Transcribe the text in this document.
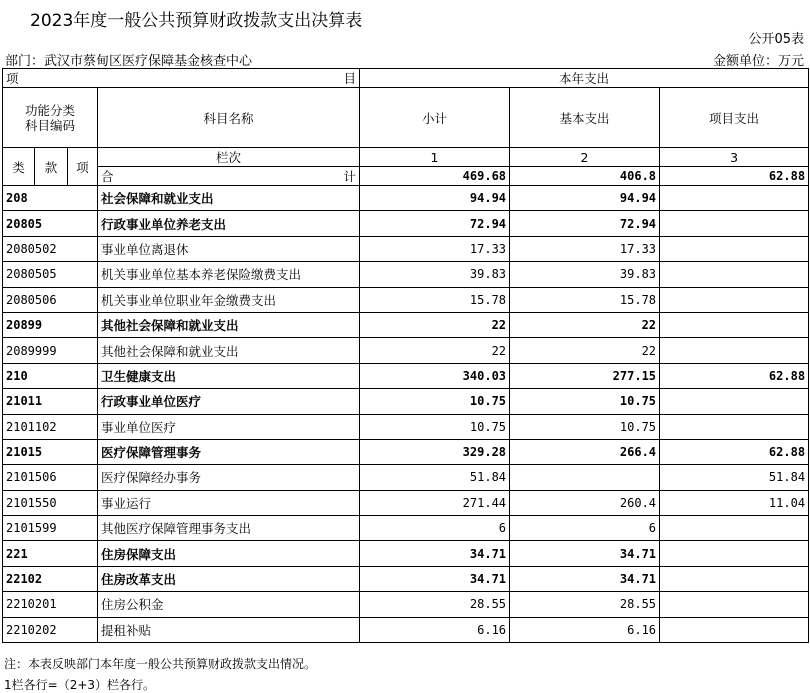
2023年度一般公共预算财政拨款支出决算表
公开05表
部门：武汉市蔡甸区医疗保障基金核查中心	金额单位：万元
项 目				本年支出		
功能分类
科目编码			科目名称	小计	基本支出	项目支出
类	款	项	栏次	1	2	3

			合 计	469.68	406.8	62.88
208			社会保障和就业支出	94.94	94.94	
20805			行政事业单位养老支出	72.94	72.94	
2080502			事业单位离退休	17.33	17.33	
2080505			机关事业单位基本养老保险缴费支出	39.83	39.83	
2080506			机关事业单位职业年金缴费支出	15.78	15.78	
20899			其他社会保障和就业支出	22	22	
2089999			其他社会保障和就业支出	22	22	
210			卫生健康支出	340.03	277.15	62.88
21011			行政事业单位医疗	10.75	10.75	
2101102			事业单位医疗	10.75	10.75	
21015			医疗保障管理事务	329.28	266.4	62.88
2101506			医疗保障经办事务	51.84		51.84
2101550			事业运行	271.44	260.4	11.04
2101599			其他医疗保障管理事务支出	6	6	
221			住房保障支出	34.71	34.71	
22102			住房改革支出	34.71	34.71	
2210201			住房公积金	28.55	28.55	
2210202			提租补贴	6.16	6.16	
注：本表反映部门本年度一般公共预算财政拨款支出情况。
1栏各行=（2+3）栏各行。
